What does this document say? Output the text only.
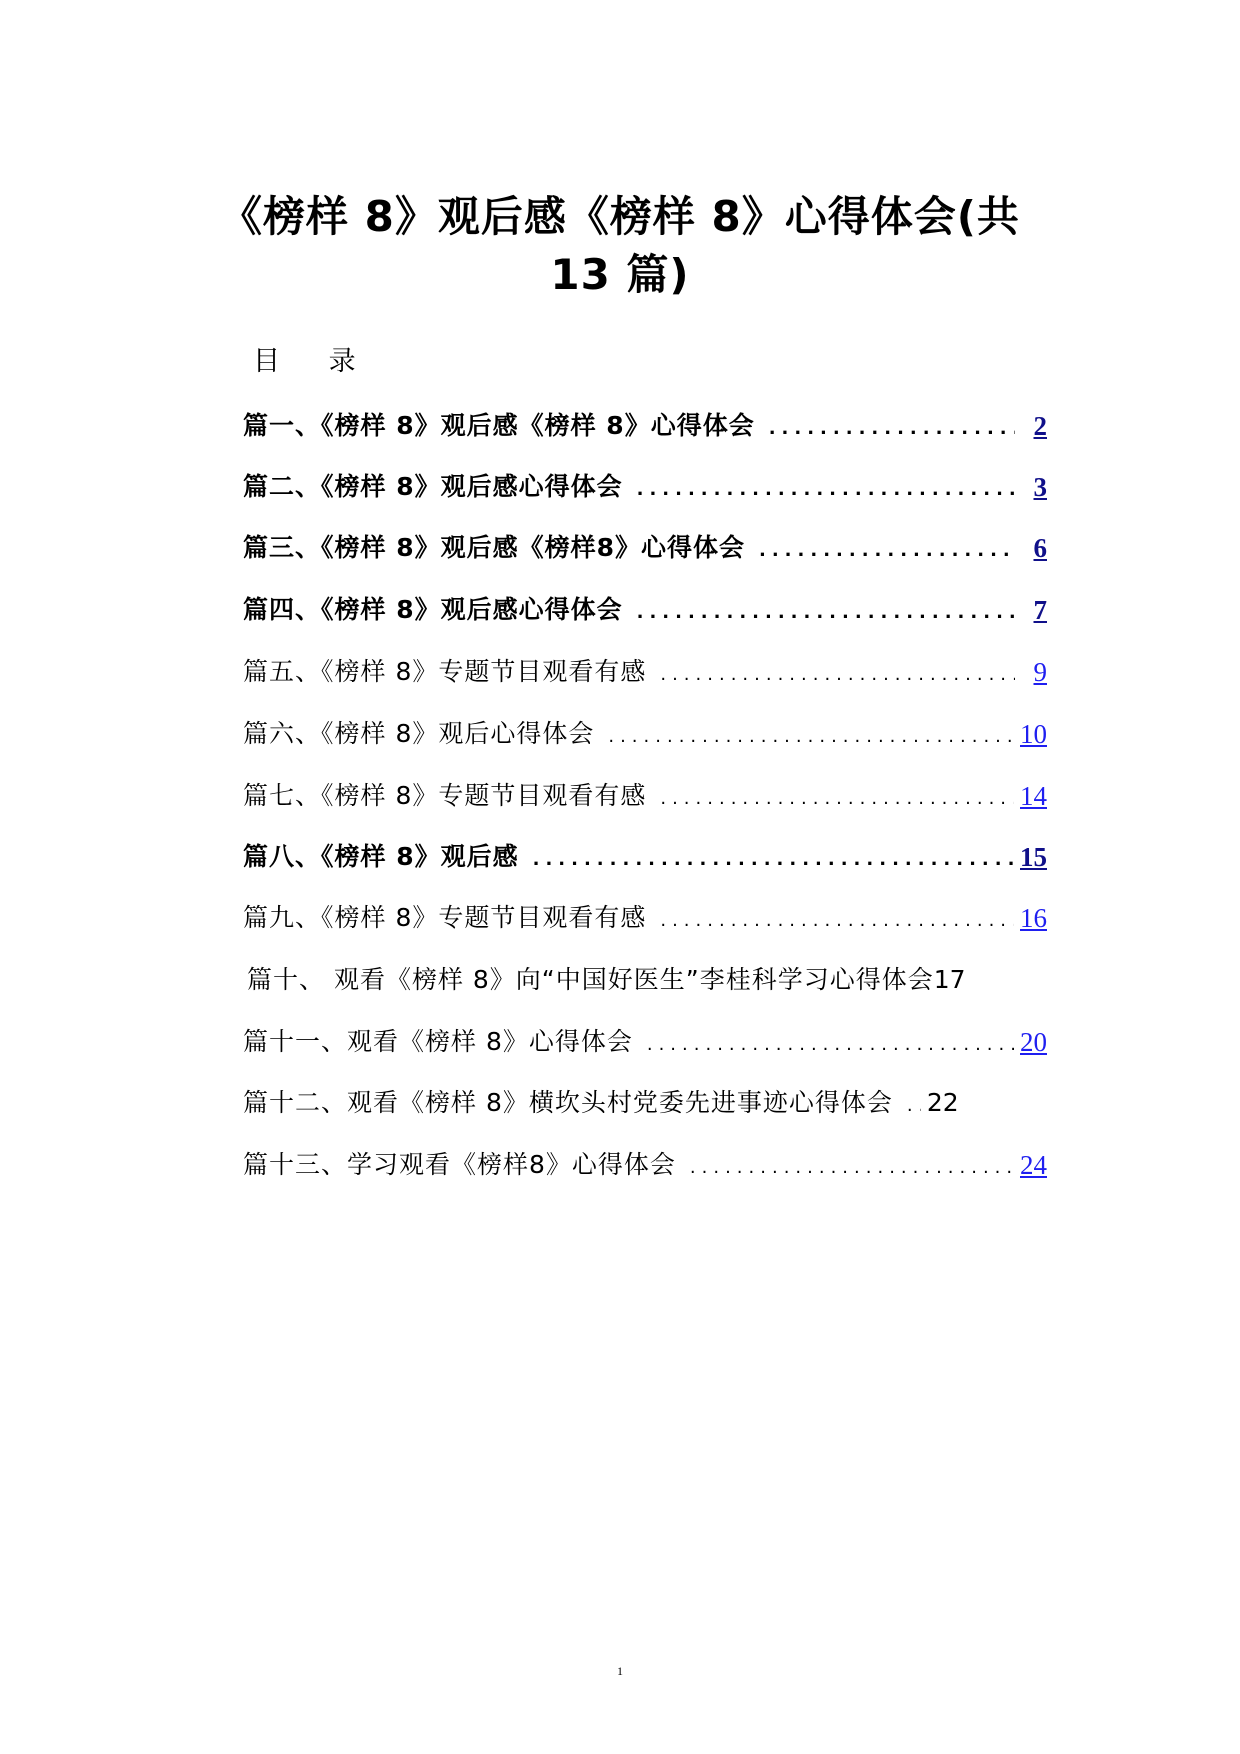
《榜样 8》观后感《榜样 8》心得体会(共
13 篇)
目 录
篇一、《榜样 8》观后感《榜样 8》心得体会 .....	2
篇二、《榜样 8》观后感心得体会 .....	3
篇三、《榜样 8》观后感《榜样8》心得体会 .....	6
篇四、《榜样 8》观后感心得体会 .....	7
篇五、《榜样 8》专题节目观看有感 .....	9
篇六、《榜样 8》观后心得体会 .....	10
篇七、《榜样 8》专题节目观看有感 .....	14
篇八、《榜样 8》观后感 .....	15
篇九、《榜样 8》专题节目观看有感 .....	16
篇十、 观看《榜样 8》向“中国好医生”李桂科学习心得体会 17
篇十一、观看《榜样 8》心得体会 .....	20
篇十二、观看《榜样 8》横坎头村党委先进事迹心得体会 ..... 22
篇十三、学习观看《榜样8》心得体会 .....	24
1
